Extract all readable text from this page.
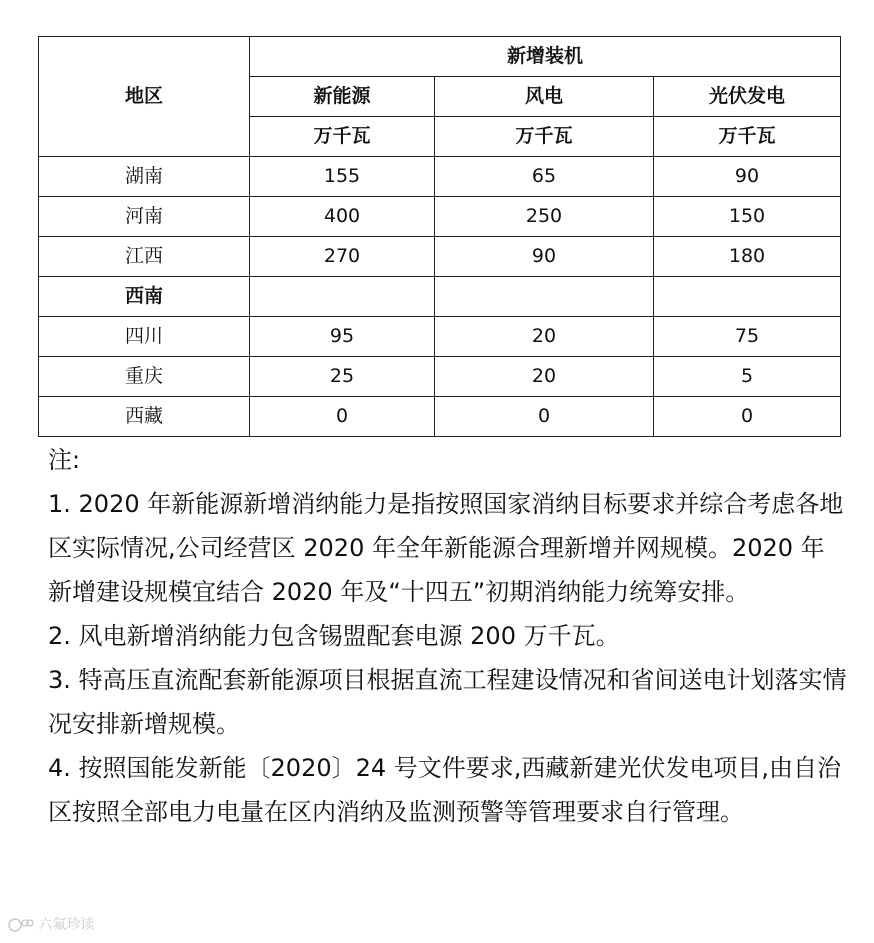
地区	新增装机		
	新能源	风电	光伏发电
	万千瓦	万千瓦	万千瓦
湖南	155	65	90
河南	400	250	150
江西	270	90	180
西南			
四川	95	20	75
重庆	25	20	5
西藏	0	0	0

注:

1. 2020 年新能源新增消纳能力是指按照国家消纳目标要求并综合考虑各地区实际情况,公司经营区 2020 年全年新能源合理新增并网规模。2020 年新增建设规模宜结合 2020 年及“十四五”初期消纳能力统筹安排。

2. 风电新增消纳能力包含锡盟配套电源 200 万千瓦。

3. 特高压直流配套新能源项目根据直流工程建设情况和省间送电计划落实情况安排新增规模。

4. 按照国能发新能〔2020〕24 号文件要求,西藏新建光伏发电项目,由自治区按照全部电力电量在区内消纳及监测预警等管理要求自行管理。

六氟珍读
